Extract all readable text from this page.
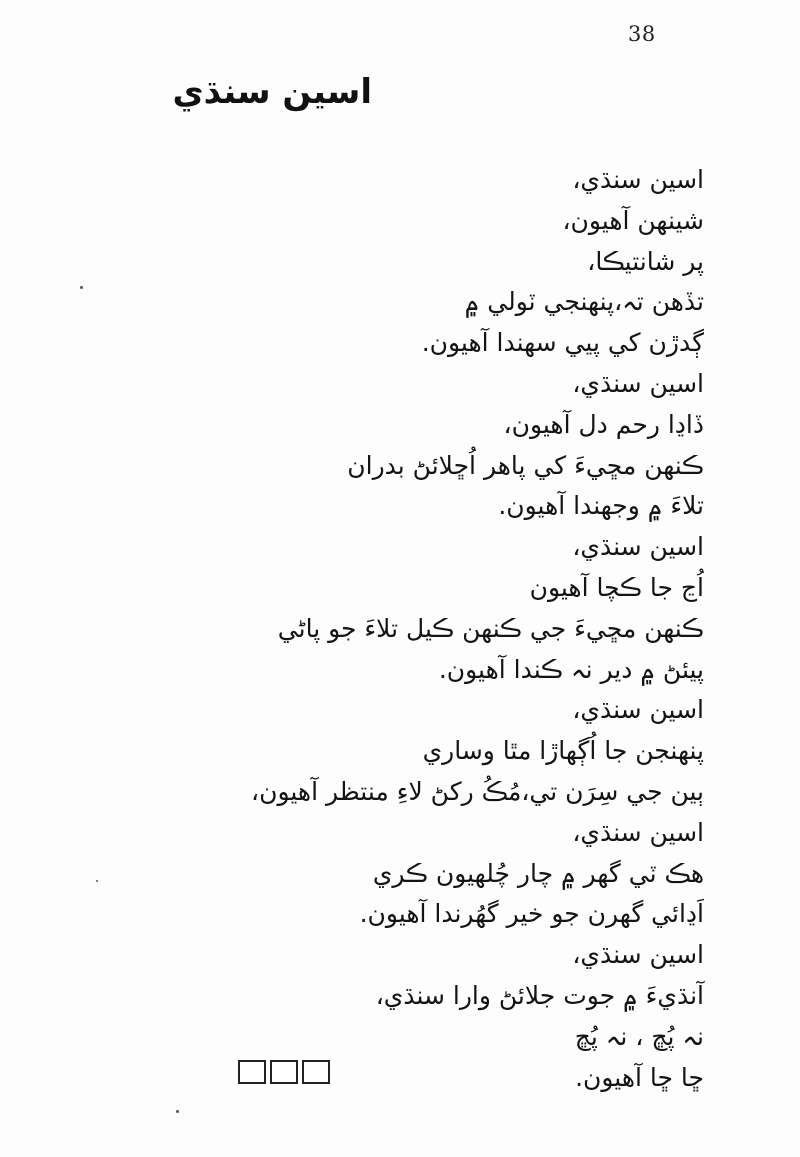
38
اسين سنڌي
اسين سنڌي،
شينهن آهيون،
پر شانتيڪا،
تڏهن تہ،پنهنجي ٽولي ۾
ڳدڙن کي پيي سهندا آهيون.
اسين سنڌي،
ڏاڍا رحم دل آهيون،
ڪنهن مڇيءَ کي پاهر اُڇلائڻ بدران
تلاءَ ۾ وجهندا آهيون.
اسين سنڌي،
اُڃ جا ڪچا آهيون
ڪنهن مڇيءَ جي ڪنهن ڪيل تلاءَ جو پاڻي
پيئڻ ۾ دير نہ ڪندا آهيون.
اسين سنڌي،
پنهنجن جا اُڳهاڙا مٿا وساري
ٻين جي سِرَن تي،مُڪُ رکڻ لاءِ منتظر آهيون،
اسين سنڌي،
هڪ ٽي گهر ۾ چار چُلهيون ڪري
اَڍائي گهرن جو خير گهُرندا آهيون.
اسين سنڌي،
آنڌيءَ ۾ جوت جلائڻ وارا سنڌي،
نہ پُڇ ، نہ پُڇ
ڇا ڇا آهيون.
